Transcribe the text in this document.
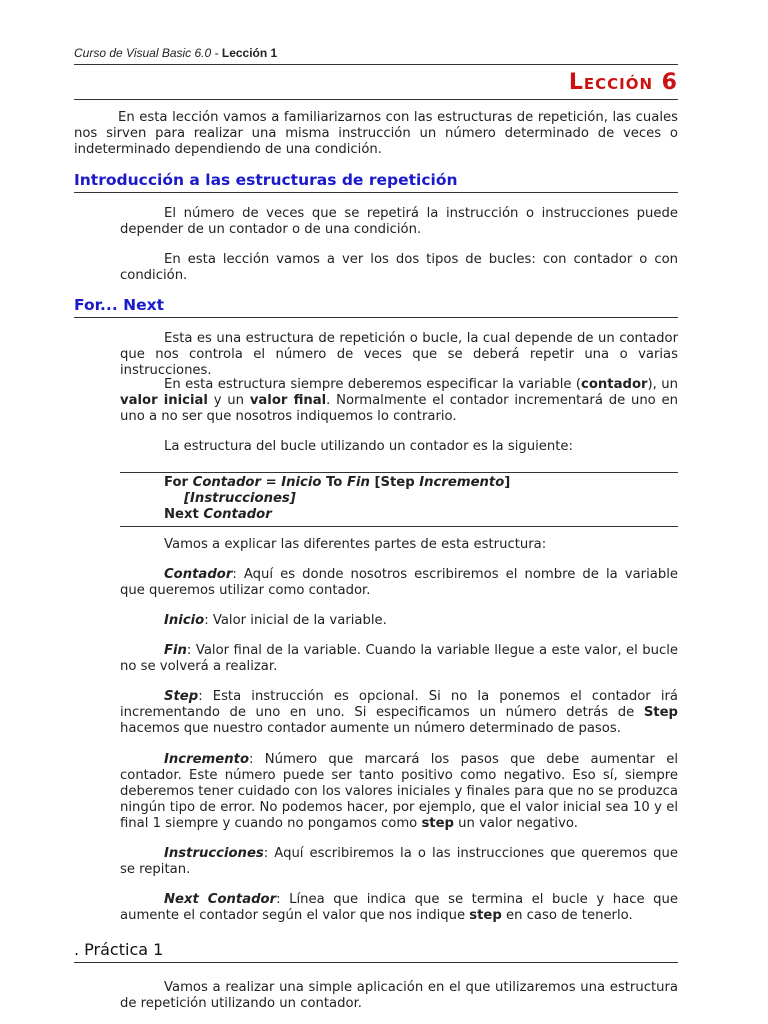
Curso de Visual Basic 6.0 - Lección 1
Lección 6

En esta lección vamos a familiarizarnos con las estructuras de repetición, las cuales nos sirven para realizar una misma instrucción un número determinado de veces o indeterminado dependiendo de una condición.

Introducción a las estructuras de repetición

El número de veces que se repetirá la instrucción o instrucciones puede depender de un contador o de una condición.

En esta lección vamos a ver los dos tipos de bucles: con contador o con condición.

For... Next

Esta es una estructura de repetición o bucle, la cual depende de un contador que nos controla el número de veces que se deberá repetir una o varias instrucciones.

En esta estructura siempre deberemos especificar la variable (contador), un valor inicial y un valor final. Normalmente el contador incrementará de uno en uno a no ser que nosotros indiquemos lo contrario.

La estructura del bucle utilizando un contador es la siguiente:

For Contador = Inicio To Fin [Step Incremento]
[Instrucciones]
Next Contador

Vamos a explicar las diferentes partes de esta estructura:

Contador: Aquí es donde nosotros escribiremos el nombre de la variable que queremos utilizar como contador.

Inicio: Valor inicial de la variable.

Fin: Valor final de la variable. Cuando la variable llegue a este valor, el bucle no se volverá a realizar.

Step: Esta instrucción es opcional. Si no la ponemos el contador irá incrementando de uno en uno. Si especificamos un número detrás de Step hacemos que nuestro contador aumente un número determinado de pasos.

Incremento: Número que marcará los pasos que debe aumentar el contador. Este número puede ser tanto positivo como negativo. Eso sí, siempre deberemos tener cuidado con los valores iniciales y finales para que no se produzca ningún tipo de error. No podemos hacer, por ejemplo, que el valor inicial sea 10 y el final 1 siempre y cuando no pongamos como step un valor negativo.

Instrucciones: Aquí escribiremos la o las instrucciones que queremos que se repitan.

Next Contador: Línea que indica que se termina el bucle y hace que aumente el contador según el valor que nos indique step en caso de tenerlo.

. Práctica 1

Vamos a realizar una simple aplicación en el que utilizaremos una estructura de repetición utilizando un contador.
